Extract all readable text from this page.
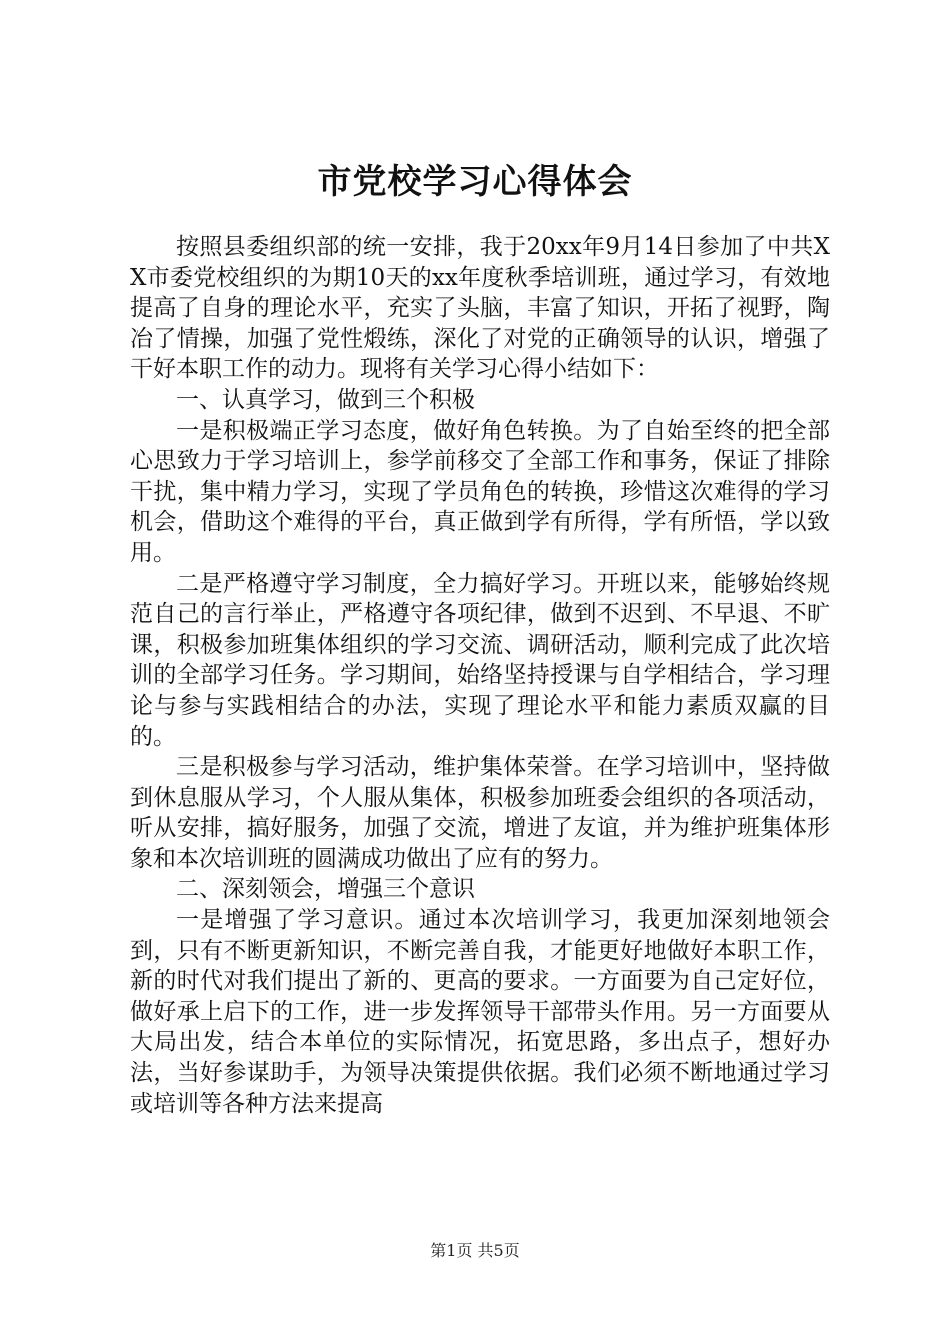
市党校学习心得体会

按照县委组织部的统一安排，我于20xx年9月14日参加了中共XX市委党校组织的为期10天的xx年度秋季培训班，通过学习，有效地提高了自身的理论水平，充实了头脑，丰富了知识，开拓了视野，陶冶了情操，加强了党性煅练，深化了对党的正确领导的认识，增强了干好本职工作的动力。现将有关学习心得小结如下：

一、认真学习，做到三个积极

一是积极端正学习态度，做好角色转换。为了自始至终的把全部心思致力于学习培训上，参学前移交了全部工作和事务，保证了排除干扰，集中精力学习，实现了学员角色的转换，珍惜这次难得的学习机会，借助这个难得的平台，真正做到学有所得，学有所悟，学以致用。

二是严格遵守学习制度，全力搞好学习。开班以来，能够始终规范自己的言行举止，严格遵守各项纪律，做到不迟到、不早退、不旷课，积极参加班集体组织的学习交流、调研活动，顺利完成了此次培训的全部学习任务。学习期间，始络坚持授课与自学相结合，学习理论与参与实践相结合的办法，实现了理论水平和能力素质双赢的目的。

三是积极参与学习活动，维护集体荣誉。在学习培训中，坚持做到休息服从学习，个人服从集体，积极参加班委会组织的各项活动，听从安排，搞好服务，加强了交流，增进了友谊，并为维护班集体形象和本次培训班的圆满成功做出了应有的努力。

二、深刻领会，增强三个意识

一是增强了学习意识。通过本次培训学习，我更加深刻地领会到，只有不断更新知识，不断完善自我，才能更好地做好本职工作，新的时代对我们提出了新的、更高的要求。一方面要为自己定好位，做好承上启下的工作，进一步发挥领导干部带头作用。另一方面要从大局出发，结合本单位的实际情况，拓宽思路，多出点子，想好办法，当好参谋助手，为领导决策提供依据。我们必须不断地通过学习或培训等各种方法来提高

第1页 共5页
